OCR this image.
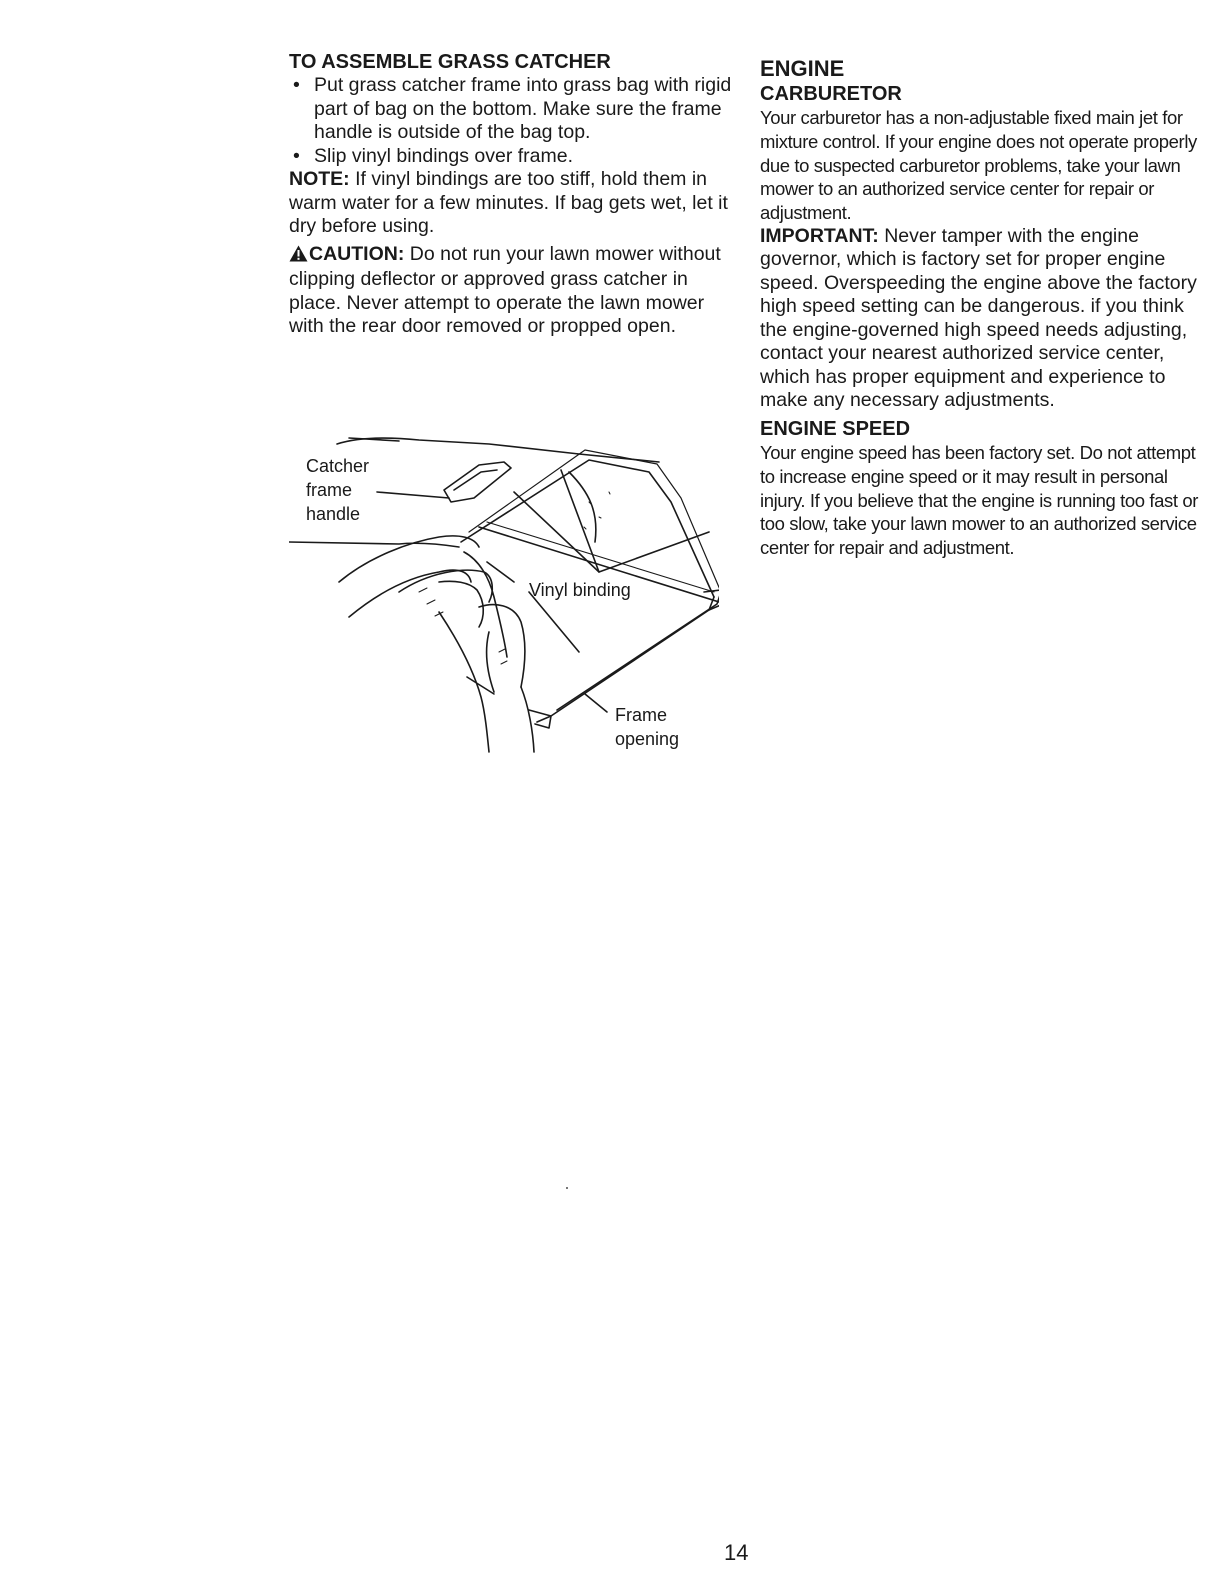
TO ASSEMBLE GRASS CATCHER
• Put grass catcher frame into grass bag with rigid part of bag on the bottom. Make sure the frame handle is outside of the bag top.
• Slip vinyl bindings over frame.

NOTE: If vinyl bindings are too stiff, hold them in warm water for a few minutes. If bag gets wet, let it dry before using.

CAUTION: Do not run your lawn mower without clipping deflector or approved grass catcher in place. Never attempt to operate the lawn mower with the rear door removed or propped open.

Catcher
frame
handle
Vinyl binding
Frame
opening
ENGINE
CARBURETOR

Your carburetor has a non-adjustable fixed main jet for mixture control. If your engine does not operate properly due to suspected carburetor problems, take your lawn mower to an authorized service center for repair or adjustment.

IMPORTANT: Never tamper with the engine governor, which is factory set for proper engine speed. Overspeeding the engine above the factory high speed setting can be dangerous. if you think the engine-governed high speed needs adjusting, contact your nearest authorized service center, which has proper equipment and experience to make any necessary adjustments.

ENGINE SPEED

Your engine speed has been factory set. Do not attempt to increase engine speed or it may result in personal injury. If you believe that the engine is running too fast or too slow, take your lawn mower to an authorized service center for repair and adjustment.

14
